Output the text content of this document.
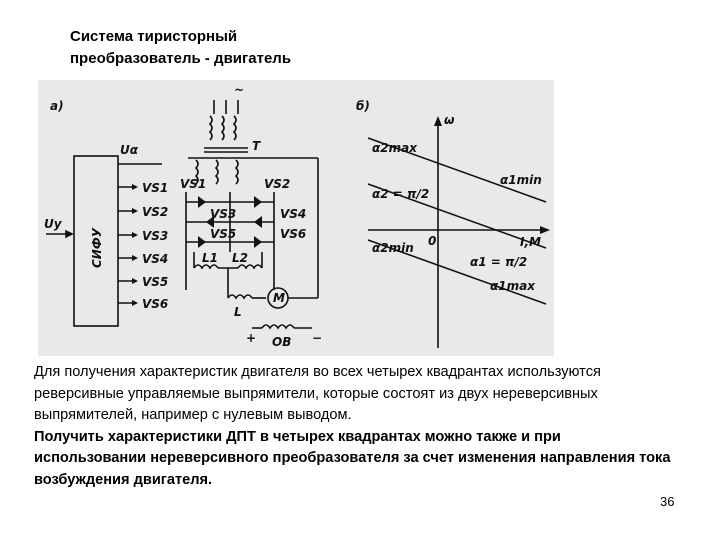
Система тиристорный
преобразователь - двигатель
а)	б)
Uу
Uα
~
T
СИФУ
VS1
VS2
VS3
VS4
VS5
VS6
VS1	VS2
VS3	VS4
VS5	VS6
L1 L2
L
M
+ ОВ −
ω
I,M
0
α2max
α1min
α2 = π/2
α2min
α1 = π/2
α1max

Для получения характеристик двигателя во всех четырех квадрантах используются реверсивные управляемые выпрямители, которые состоят из двух нереверсивных выпрямителей, например с нулевым выводом.

Получить характеристики ДПТ в четырех квадрантах можно также и при использовании нереверсивного преобразователя за счет изменения направления тока возбуждения двигателя.

36
